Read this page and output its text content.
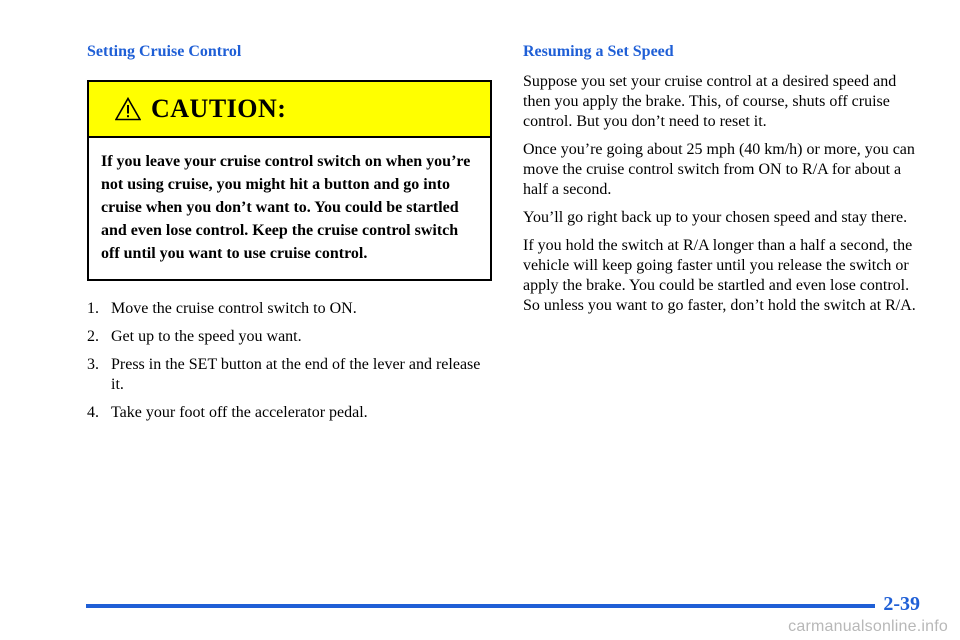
Setting Cruise Control
CAUTION:
If you leave your cruise control switch on when you’re not using cruise, you might hit a button and go into cruise when you don’t want to. You could be startled and even lose control. Keep the cruise control switch off until you want to use cruise control.
1. Move the cruise control switch to ON.
2. Get up to the speed you want.
3. Press in the SET button at the end of the lever and release it.
4. Take your foot off the accelerator pedal.
Resuming a Set Speed

Suppose you set your cruise control at a desired speed and then you apply the brake. This, of course, shuts off cruise control. But you don’t need to reset it.

Once you’re going about 25 mph (40 km/h) or more, you can move the cruise control switch from ON to R/A for about a half a second.

You’ll go right back up to your chosen speed and stay there.

If you hold the switch at R/A longer than a half a second, the vehicle will keep going faster until you release the switch or apply the brake. You could be startled and even lose control. So unless you want to go faster, don’t hold the switch at R/A.

2-39
carmanualsonline.info
